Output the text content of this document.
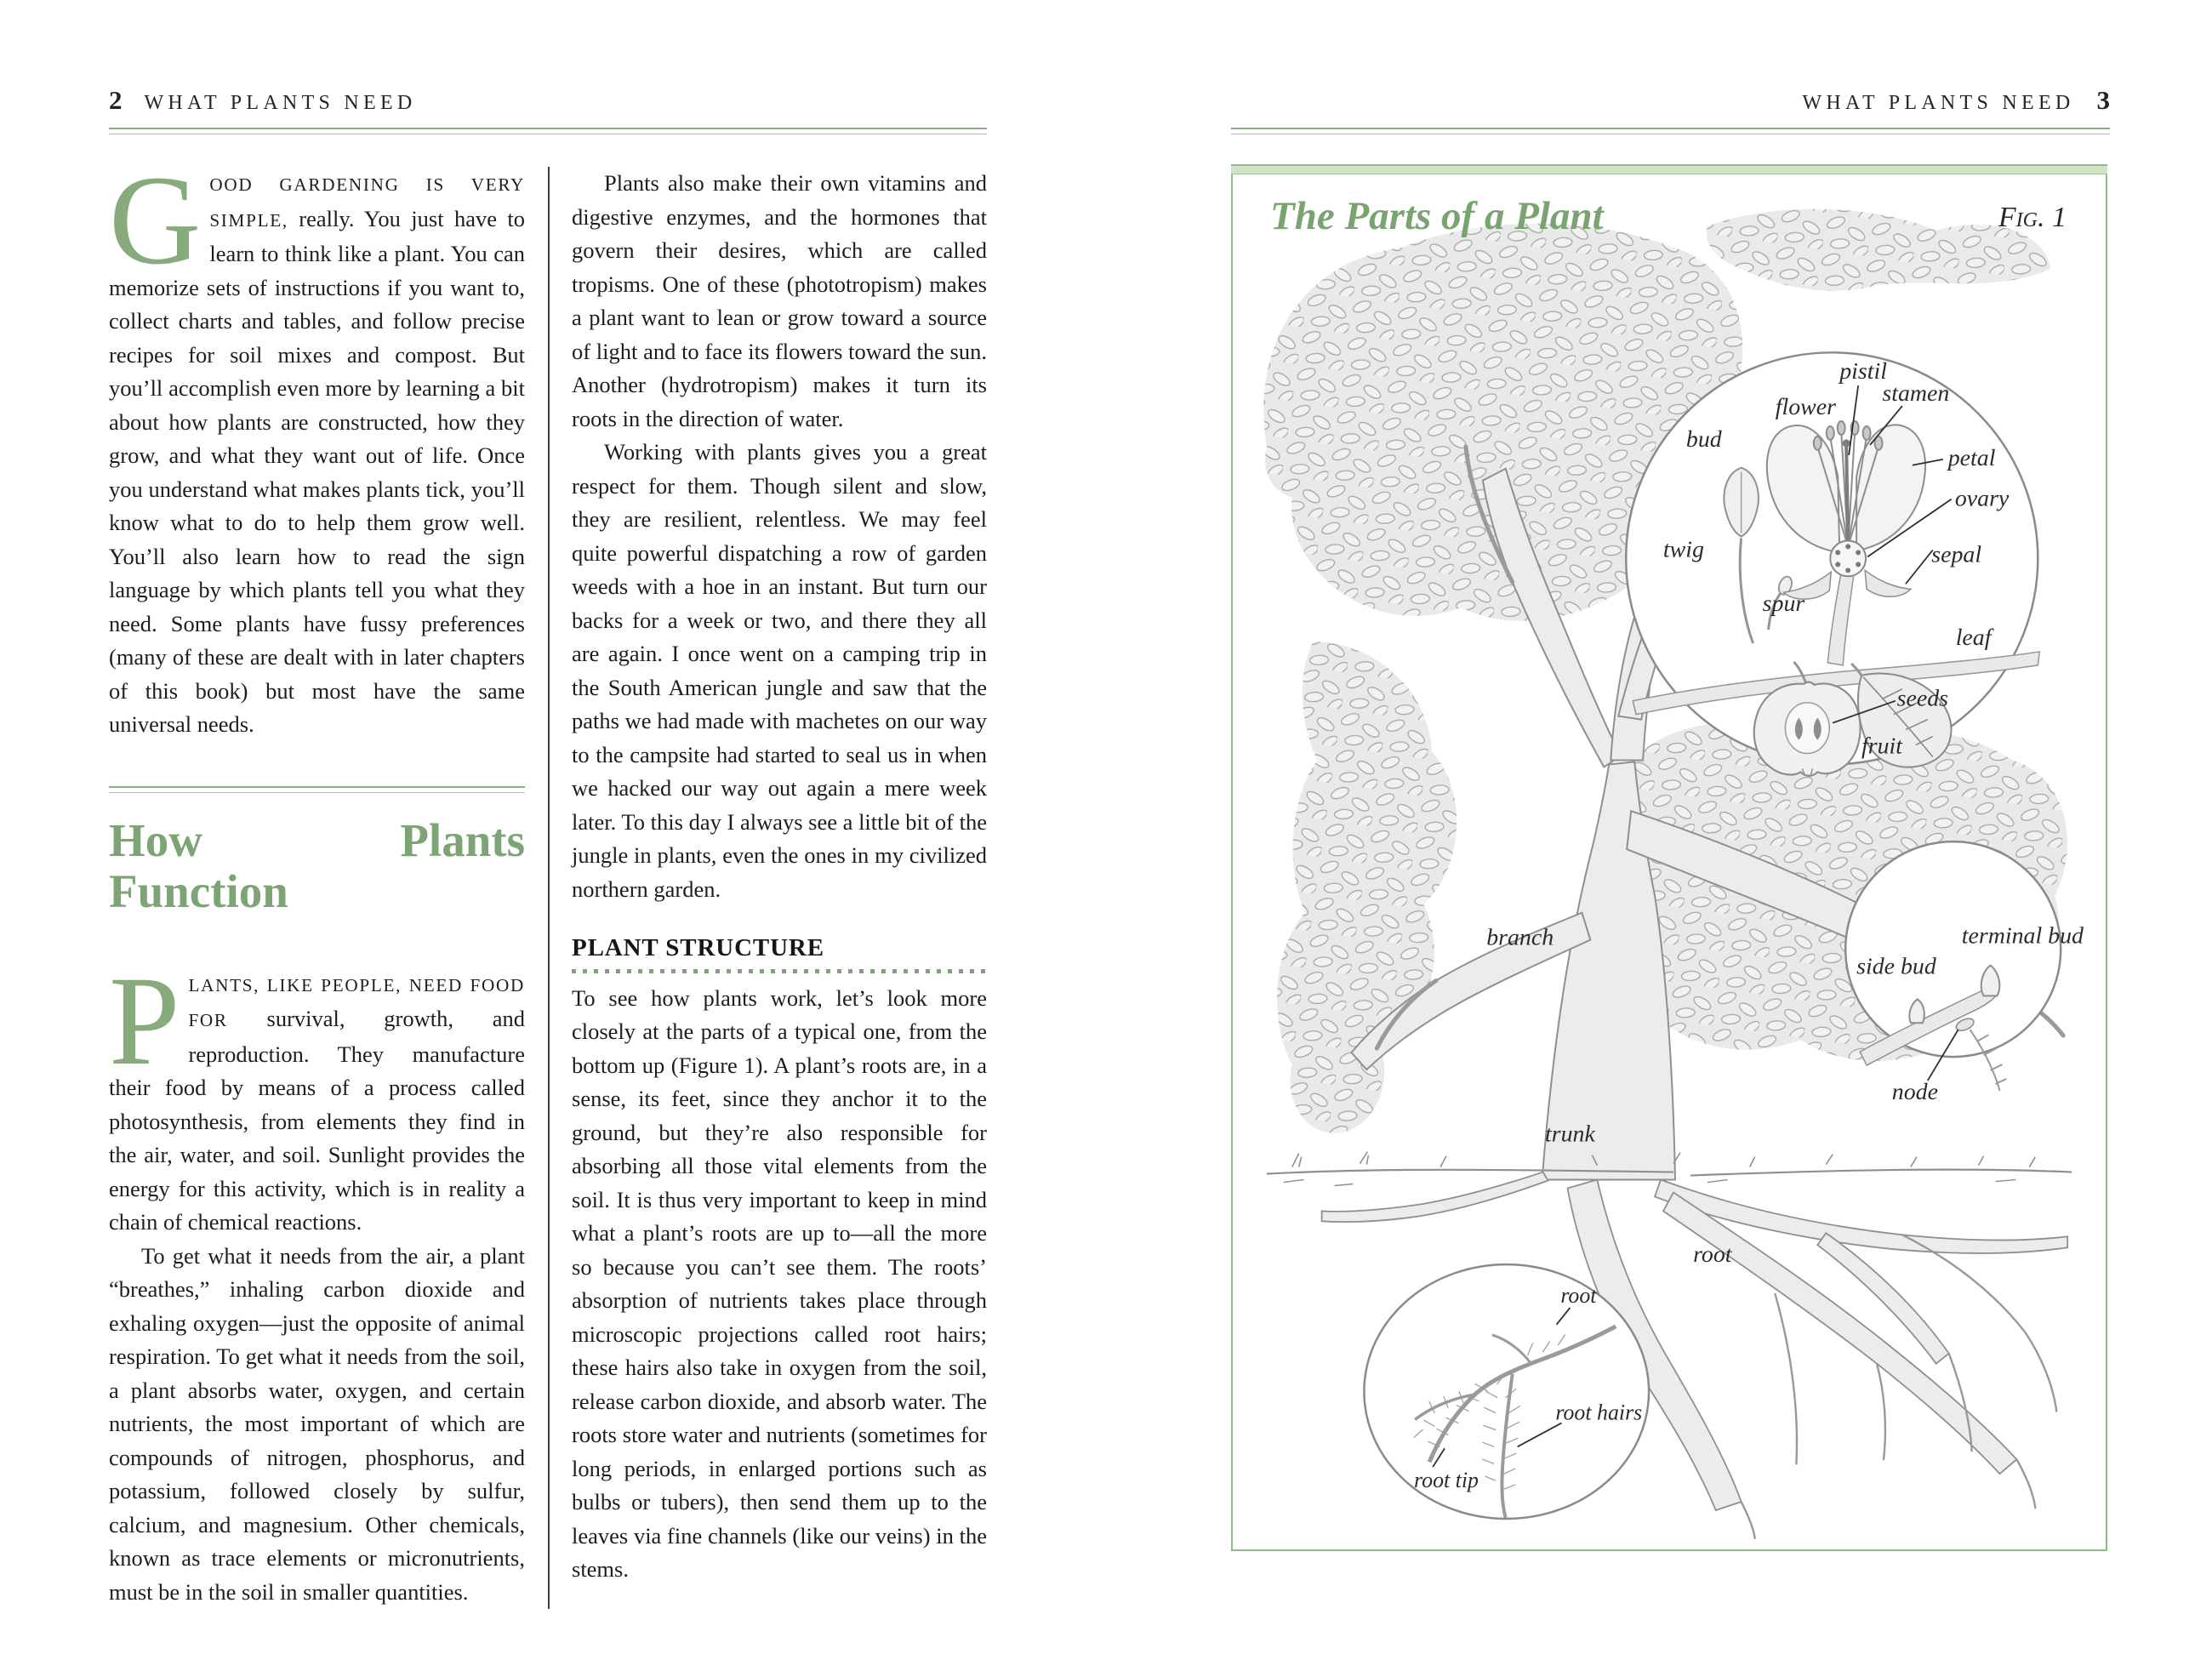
2 WHAT PLANTS NEED

GOOD GARDENING IS VERY SIMPLE, really. You just have to learn to think like a plant. You can memorize sets of instructions if you want to, collect charts and tables, and follow precise recipes for soil mixes and compost. But you’ll accomplish even more by learning a bit about how plants are constructed, how they grow, and what they want out of life. Once you understand what makes plants tick, you’ll know what to do to help them grow well. You’ll also learn how to read the sign language by which plants tell you what they need. Some plants have fussy preferences (many of these are dealt with in later chapters of this book) but most have the same universal needs.

How Plants Function

PLANTS, LIKE PEOPLE, NEED FOOD FOR survival, growth, and reproduction. They manufacture their food by means of a process called photosynthesis, from elements they find in the air, water, and soil. Sunlight provides the energy for this activity, which is in reality a chain of chemical reactions.

To get what it needs from the air, a plant “breathes,” inhaling carbon dioxide and exhaling oxygen—just the opposite of animal respiration. To get what it needs from the soil, a plant absorbs water, oxygen, and certain nutrients, the most important of which are compounds of nitrogen, phosphorus, and potassium, followed closely by sulfur, calcium, and magnesium. Other chemicals, known as trace elements or micronutrients, must be in the soil in smaller quantities.

Plants also make their own vitamins and digestive enzymes, and the hormones that govern their desires, which are called tropisms. One of these (phototropism) makes a plant want to lean or grow toward a source of light and to face its flowers toward the sun. Another (hydrotropism) makes it turn its roots in the direction of water.

Working with plants gives you a great respect for them. Though silent and slow, they are resilient, relentless. We may feel quite powerful dispatching a row of garden weeds with a hoe in an instant. But turn our backs for a week or two, and there they all are again. I once went on a camping trip in the South American jungle and saw that the paths we had made with machetes on our way to the campsite had started to seal us in when we hacked our way out again a mere week later. To this day I always see a little bit of the jungle in plants, even the ones in my civilized northern garden.

PLANT STRUCTURE

To see how plants work, let’s look more closely at the parts of a typical one, from the bottom up (Figure 1). A plant’s roots are, in a sense, its feet, since they anchor it to the ground, but they’re also responsible for absorbing all those vital elements from the soil. It is thus very important to keep in mind what a plant’s roots are up to—all the more so because you can’t see them. The roots’ absorption of nutrients takes place through microscopic projections called root hairs; these hairs also take in oxygen from the soil, release carbon dioxide, and absorb water. The roots store water and nutrients (sometimes for long periods, in enlarged portions such as bulbs or tubers), then send them up to the leaves via fine channels (like our veins) in the stems.

WHAT PLANTS NEED 3
The Parts of a Plant	Fig. 1
pistil
stamen
flower
bud
petal
ovary
sepal
twig
spur
leaf
seeds
fruit
branch
trunk
side bud
terminal bud
node
root
root
root hairs
root tip
